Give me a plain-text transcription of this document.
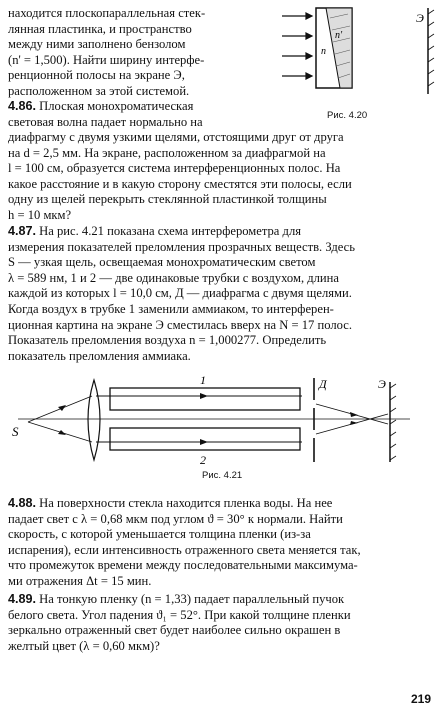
находится плоскопараллельная стек-
лянная пластинка, и пространство
между ними заполнено бензолом
(n' = 1,500). Найти ширину интерфе-
ренционной полосы на экране Э,
расположенном за этой системой.
n
n'
Э
Рис. 4.20
4.86. Плоская монохроматическая
световая волна падает нормально на
диафрагму с двумя узкими щелями, отстоящими друг от друга
на d = 2,5 мм. На экране, расположенном за диафрагмой на
l = 100 см, образуется система интерференционных полос. На
какое расстояние и в какую сторону сместятся эти полосы, если
одну из щелей перекрыть стеклянной пластинкой толщины
h = 10 мкм?
4.87. На рис. 4.21 показана схема интерферометра для
измерения показателей преломления прозрачных веществ. Здесь
S — узкая щель, освещаемая монохроматическим светом
λ = 589 нм, 1 и 2 — две одинаковые трубки с воздухом, длина
каждой из которых l = 10,0 см, Д — диафрагма с двумя щелями.
Когда воздух в трубке 1 заменили аммиаком, то интерферен-
ционная картина на экране Э сместилась вверх на N = 17 полос.
Показатель преломления воздуха n = 1,000277. Определить
показатель преломления аммиака.
1
2
S
Д	Э
Рис. 4.21
4.88. На поверхности стекла находится пленка воды. На нее
падает свет с λ = 0,68 мкм под углом ϑ = 30° к нормали. Найти
скорость, с которой уменьшается толщина пленки (из-за
испарения), если интенсивность отраженного света меняется так,
что промежуток времени между последовательными максимума-
ми отражения Δt = 15 мин.
4.89. На тонкую пленку (n = 1,33) падает параллельный пучок
белого света. Угол падения ϑ₁ = 52°. При какой толщине пленки
зеркально отраженный свет будет наиболее сильно окрашен в
желтый цвет (λ = 0,60 мкм)?
219
